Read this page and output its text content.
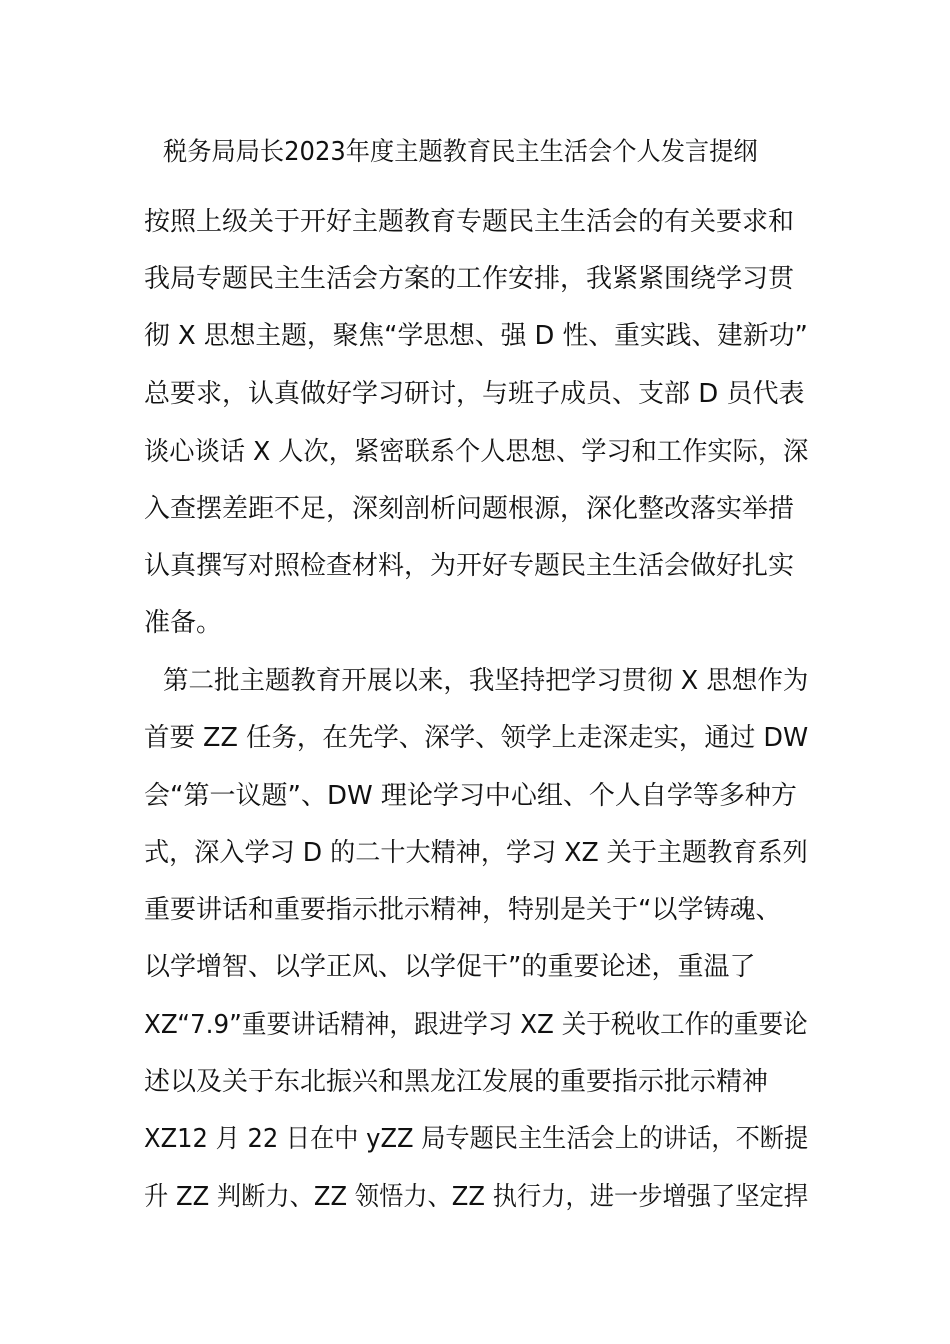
税务局局长2023年度主题教育民主生活会个人发言提纲
按照上级关于开好主题教育专题民主生活会的有关要求和
我局专题民主生活会方案的工作安排，我紧紧围绕学习贯
彻 X 思想主题，聚焦“学思想、强 D 性、重实践、建新功”
总要求，认真做好学习研讨，与班子成员、支部 D 员代表
谈心谈话 X 人次，紧密联系个人思想、学习和工作实际，深
入查摆差距不足，深刻剖析问题根源，深化整改落实举措
认真撰写对照检查材料，为开好专题民主生活会做好扎实
准备。
第二批主题教育开展以来，我坚持把学习贯彻 X 思想作为
首要 ZZ 任务，在先学、深学、领学上走深走实，通过 DW
会“第一议题”、DW 理论学习中心组、个人自学等多种方
式，深入学习 D 的二十大精神，学习 XZ 关于主题教育系列
重要讲话和重要指示批示精神，特别是关于“以学铸魂、
以学增智、以学正风、以学促干”的重要论述，重温了
XZ“7.9”重要讲话精神，跟进学习 XZ 关于税收工作的重要论
述以及关于东北振兴和黑龙江发展的重要指示批示精神
XZ12 月 22 日在中 yZZ 局专题民主生活会上的讲话，不断提
升 ZZ 判断力、ZZ 领悟力、ZZ 执行力，进一步增强了坚定捍
